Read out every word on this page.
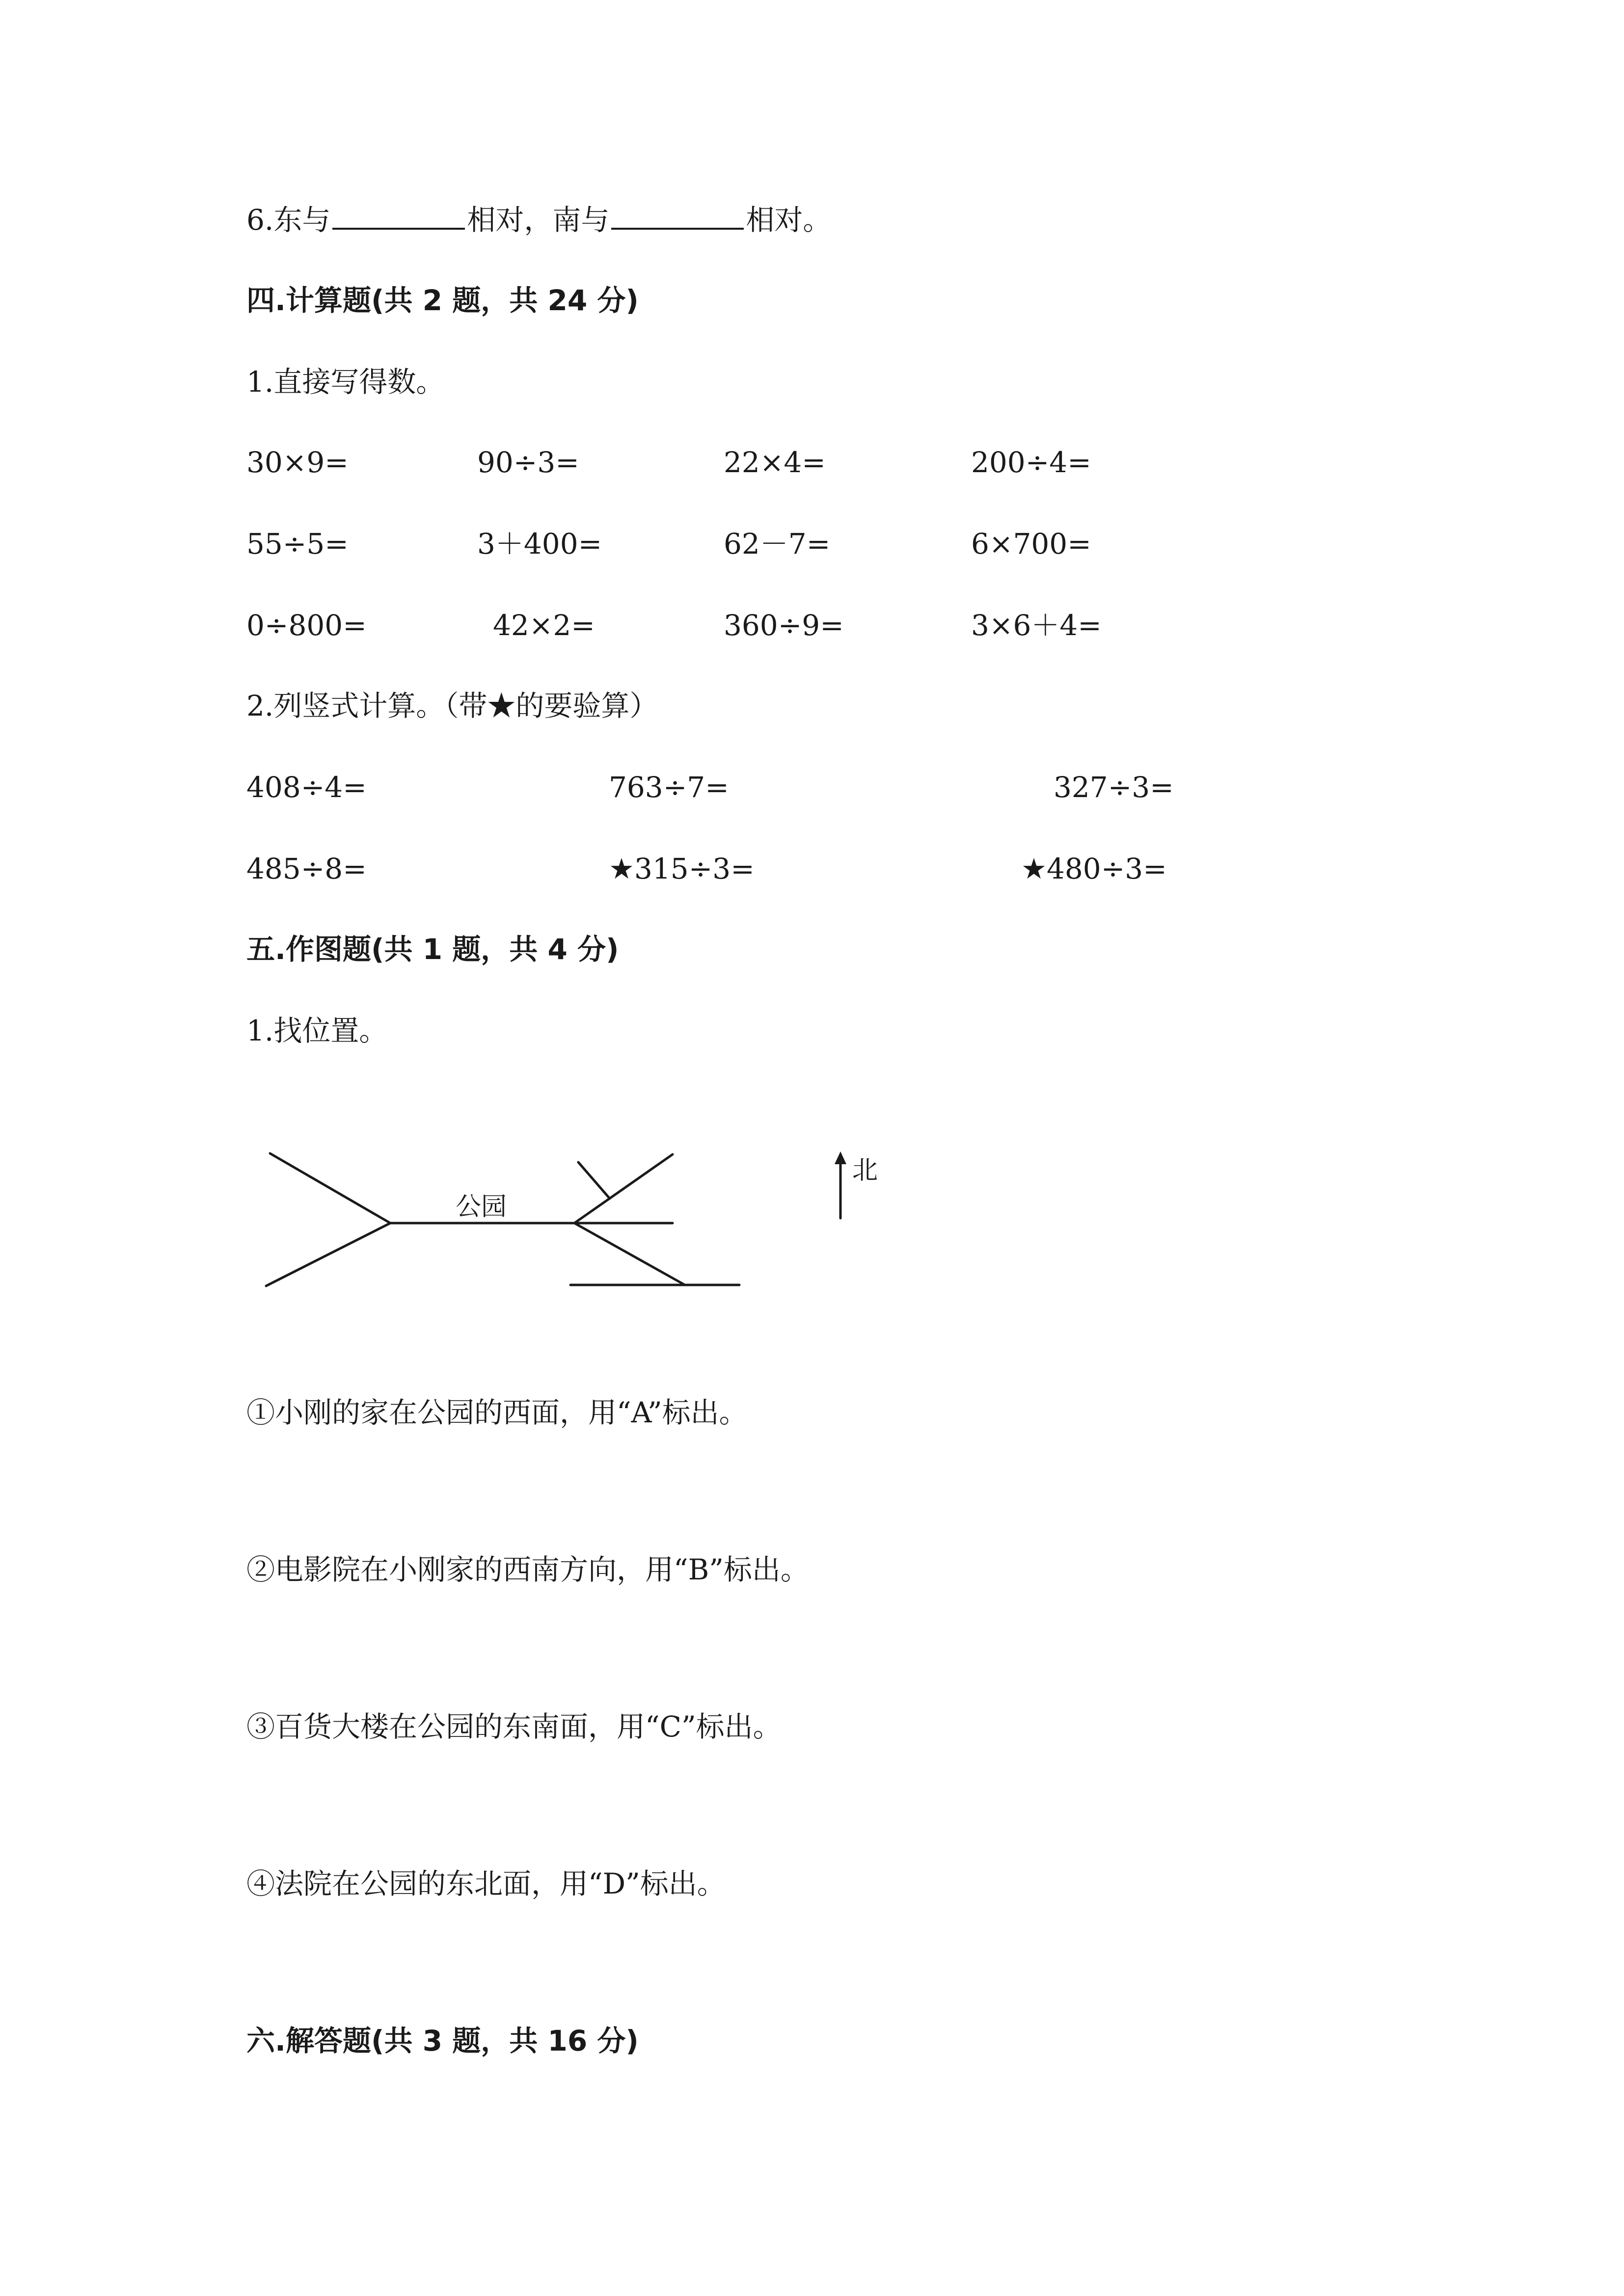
6.东与	相对，南与	相对。
四.计算题(共 2 题，共 24 分)
1.直接写得数。
30×9=	90÷3=	22×4=	200÷4=
55÷5=	3＋400=	62－7=	6×700=
0÷800=	42×2=	360÷9=	3×6＋4=
2.列竖式计算。（带★的要验算）
408÷4=	763÷7=	327÷3=
485÷8=	★315÷3=	★480÷3=
五.作图题(共 1 题，共 4 分)
1.找位置。
公园
北
①小刚的家在公园的西面，用“A”标出。
②电影院在小刚家的西南方向，用“B”标出。
③百货大楼在公园的东南面，用“C”标出。
④法院在公园的东北面，用“D”标出。
六.解答题(共 3 题，共 16 分)
